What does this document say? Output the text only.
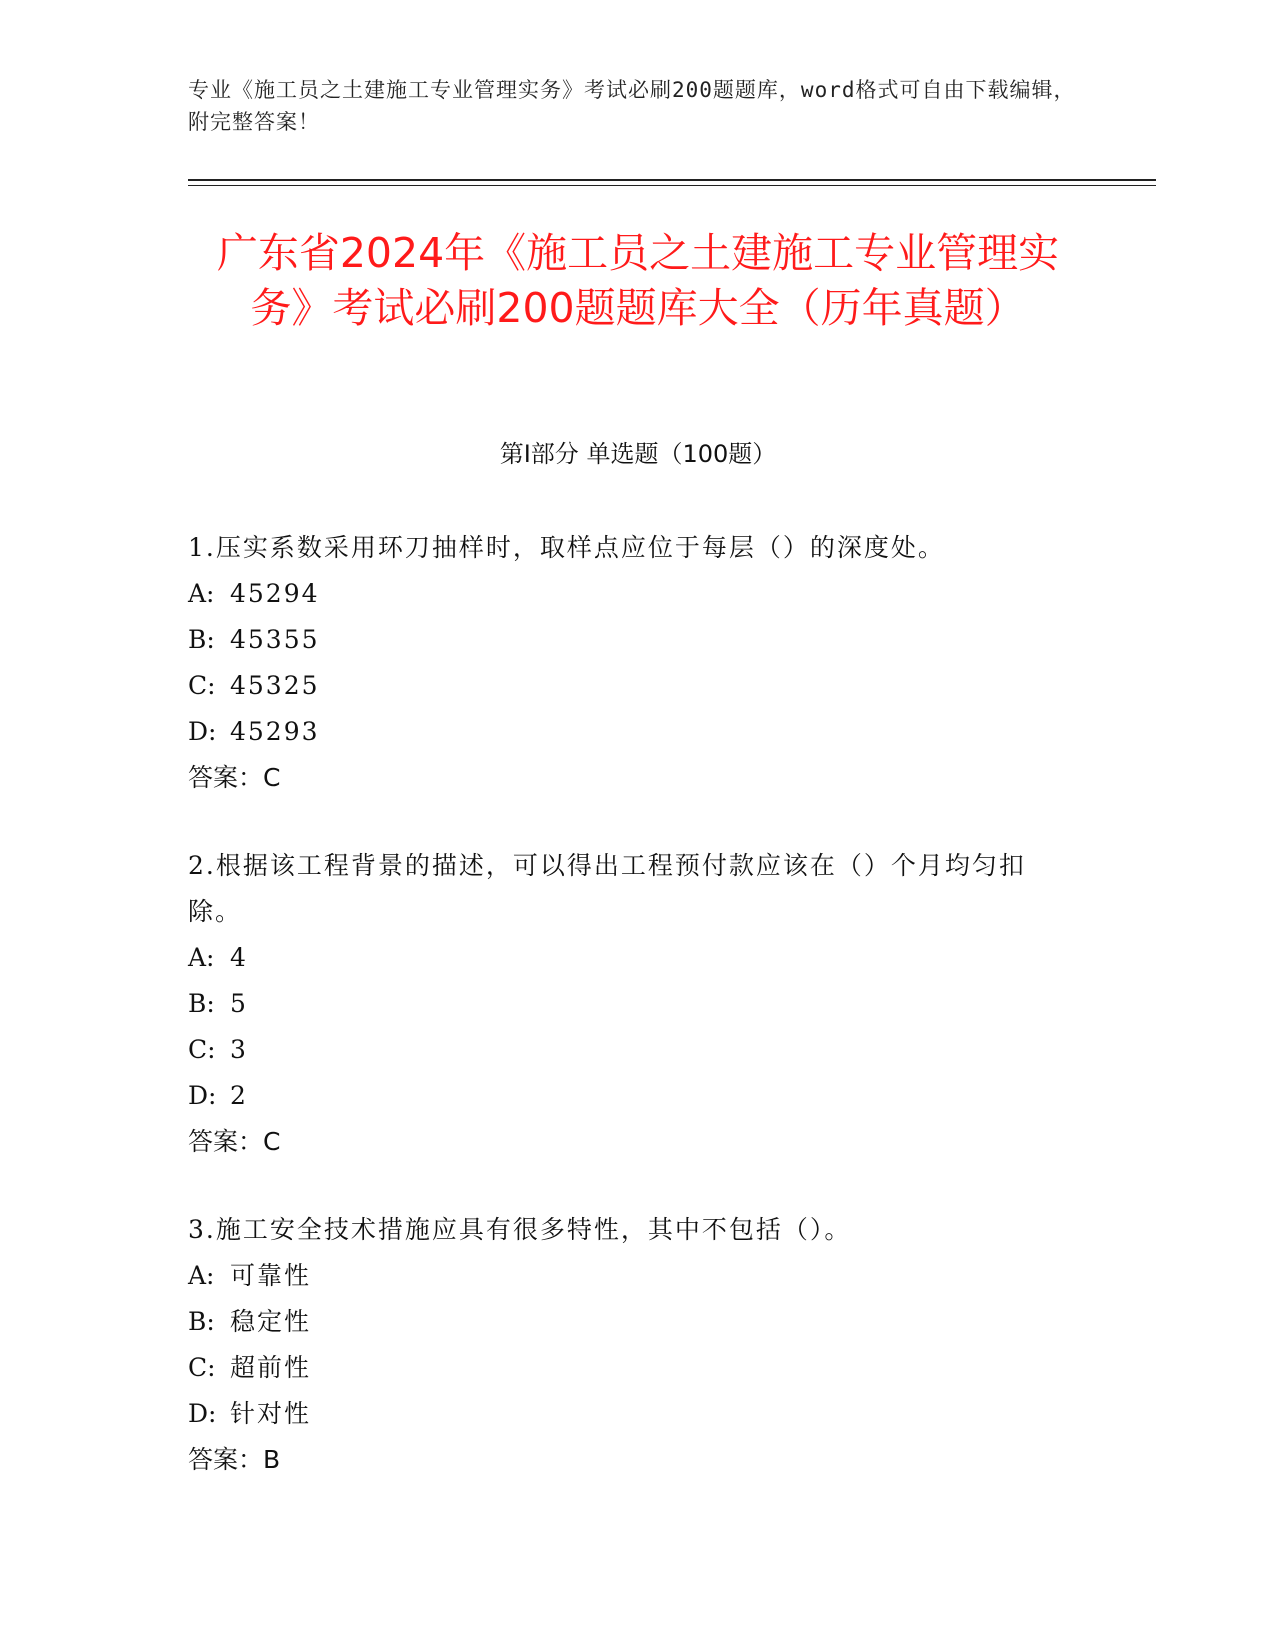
专业《施工员之土建施工专业管理实务》考试必刷200题题库，word格式可自由下载编辑，附完整答案！
广东省2024年《施工员之土建施工专业管理实务》考试必刷200题题库大全（历年真题）
第I部分 单选题（100题）

1.压实系数采用环刀抽样时，取样点应位于每层（）的深度处。

A: 45294
B: 45355
C: 45325
D: 45293
答案：C

2.根据该工程背景的描述，可以得出工程预付款应该在（）个月均匀扣除。

A: 4
B: 5
C: 3
D: 2
答案：C

3.施工安全技术措施应具有很多特性，其中不包括（）。

A: 可靠性
B: 稳定性
C: 超前性
D: 针对性
答案：B
